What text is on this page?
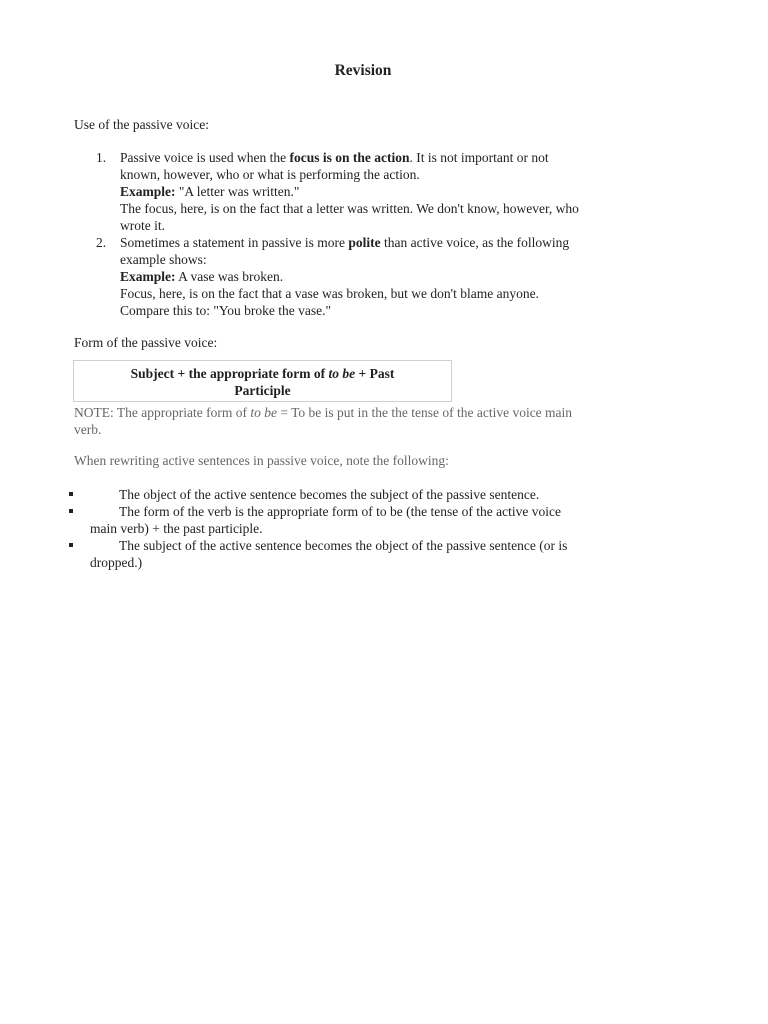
Revision
Use of the passive voice:
1. Passive voice is used when the focus is on the action. It is not important or not
known, however, who or what is performing the action.
Example: "A letter was written."
The focus, here, is on the fact that a letter was written. We don't know, however, who
wrote it.
2. Sometimes a statement in passive is more polite than active voice, as the following
example shows:
Example: A vase was broken.
Focus, here, is on the fact that a vase was broken, but we don't blame anyone.
Compare this to: "You broke the vase."
Form of the passive voice:
Subject + the appropriate form of to be + Past
Participle
NOTE: The appropriate form of to be = To be is put in the the tense of the active voice main
verb.
When rewriting active sentences in passive voice, note the following:
The object of the active sentence becomes the subject of the passive sentence.
The form of the verb is the appropriate form of to be (the tense of the active voice
main verb) + the past participle.
The subject of the active sentence becomes the object of the passive sentence (or is
dropped.)
